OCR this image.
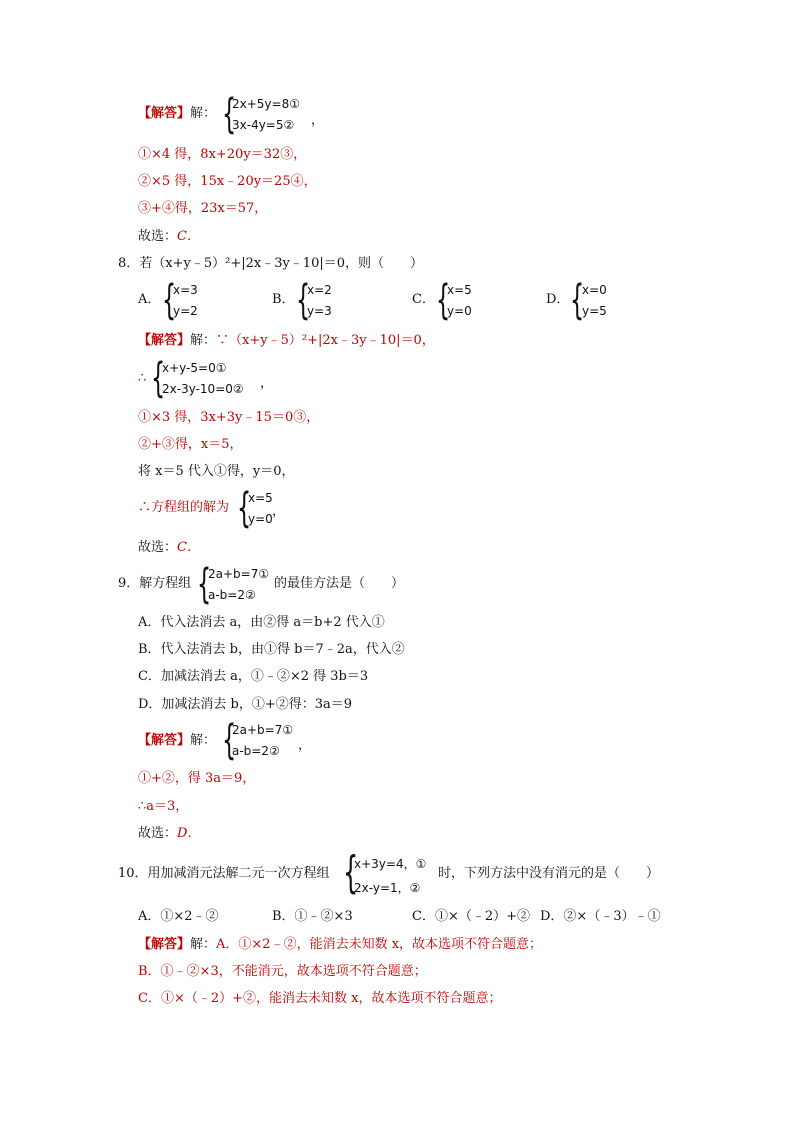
【解答】解： {
2x+5y=8①
3x-4y=5②	，
①×4 得，8x+20y＝32③，
②×5 得，15x﹣20y＝25④，
③+④得，23x＝57，
故选：C．
8．若（x+y﹣5）²+|2x﹣3y﹣10|＝0，则（　　）
A． {
x=3
y=2
B． {
x=2
y=3
C． {
x=5
y=0
D． {
x=0
y=5
【解答】解：∵（x+y﹣5）²+|2x﹣3y﹣10|＝0，
∴ {
x+y-5=0①
2x-3y-10=0② ，
①×3 得，3x+3y﹣15＝0③，
②+③得，x＝5，
将 x＝5 代入①得，y＝0，
∴方程组的解为 {
x=5
y=0 ，
故选：C．
9．解方程组 {
2a+b=7①
a-b=2②
的最佳方法是（　　）
A．代入法消去 a，由②得 a＝b+2 代入①
B．代入法消去 b，由①得 b＝7﹣2a，代入②
C．加减法消去 a，①﹣②×2 得 3b＝3
D．加减法消去 b，①+②得：3a＝9
【解答】解： {
2a+b=7①
a-b=2②	，
①+②，得 3a＝9，
∴a＝3，
故选：D．
10．用加减消元法解二元一次方程组 {
x+3y=4，①
2x-y=1，②
时，下列方法中没有消元的是（　　）
A．①×2﹣②	B．①﹣②×3	C．①×（﹣2）+② D．②×（﹣3）﹣①
【解答】解：A．①×2﹣②，能消去未知数 x，故本选项不符合题意；
B．①﹣②×3，不能消元，故本选项不符合题意；
C．①×（﹣2）+②，能消去未知数 x，故本选项不符合题意；
